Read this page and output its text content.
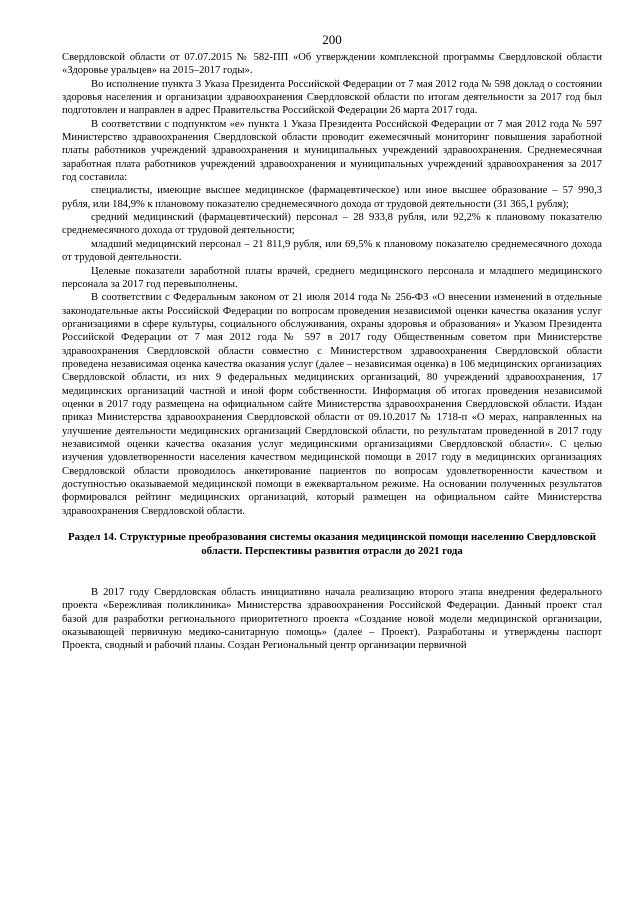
200

Свердловской области от 07.07.2015 № 582-ПП «Об утверждении комплексной программы Свердловской области «Здоровье уральцев» на 2015–2017 годы».

Во исполнение пункта 3 Указа Президента Российской Федерации от 7 мая 2012 года № 598 доклад о состоянии здоровья населения и организации здравоохранения Свердловской области по итогам деятельности за 2017 год был подготовлен и направлен в адрес Правительства Российской Федерации 26 марта 2017 года.

В соответствии с подпунктом «е» пункта 1 Указа Президента Российской Федерации от 7 мая 2012 года № 597 Министерство здравоохранения Свердловской области проводит ежемесячный мониторинг повышения заработной платы работников учреждений здравоохранения и муниципальных учреждений здравоохранения. Среднемесячная заработная плата работников учреждений здравоохранения и муниципальных учреждений здравоохранения за 2017 год составила:

специалисты, имеющие высшее медицинское (фармацевтическое) или иное высшее образование – 57 990,3 рубля, или 184,9% к плановому показателю среднемесячного дохода от трудовой деятельности (31 365,1 рубля);

средний медицинский (фармацевтический) персонал – 28 933,8 рубля, или 92,2% к плановому показателю среднемесячного дохода от трудовой деятельности;

младший медицинский персонал – 21 811,9 рубля, или 69,5% к плановому показателю среднемесячного дохода от трудовой деятельности.

Целевые показатели заработной платы врачей, среднего медицинского персонала и младшего медицинского персонала за 2017 год перевыполнены.

В соответствии с Федеральным законом от 21 июля 2014 года № 256-ФЗ «О внесении изменений в отдельные законодательные акты Российской Федерации по вопросам проведения независимой оценки качества оказания услуг организациями в сфере культуры, социального обслуживания, охраны здоровья и образования» и Указом Президента Российской Федерации от 7 мая 2012 года № 597 в 2017 году Общественным советом при Министерстве здравоохранения Свердловской области совместно с Министерством здравоохранения Свердловской области проведена независимая оценка качества оказания услуг (далее – независимая оценка) в 106 медицинских организациях Свердловской области, из них 9 федеральных медицинских организаций, 80 учреждений здравоохранения, 17 медицинских организаций частной и иной форм собственности. Информация об итогах проведения независимой оценки в 2017 году размещена на официальном сайте Министерства здравоохранения Свердловской области. Издан приказ Министерства здравоохранения Свердловской области от 09.10.2017 № 1718-п «О мерах, направленных на улучшение деятельности медицинских организаций Свердловской области, по результатам проведенной в 2017 году независимой оценки качества оказания услуг медицинскими организациями Свердловской области». С целью изучения удовлетворенности населения качеством медицинской помощи в 2017 году в медицинских организациях Свердловской области проводилось анкетирование пациентов по вопросам удовлетворенности качеством и доступностью оказываемой медицинской помощи в ежеквартальном режиме. На основании полученных результатов формировался рейтинг медицинских организаций, который размещен на официальном сайте Министерства здравоохранения Свердловской области.

Раздел 14. Структурные преобразования системы оказания медицинской помощи населению Свердловской области. Перспективы развития отрасли до 2021 года

В 2017 году Свердловская область инициативно начала реализацию второго этапа внедрения федерального проекта «Бережливая поликлиника» Министерства здравоохранения Российской Федерации. Данный проект стал базой для разработки регионального приоритетного проекта «Создание новой модели медицинской организации, оказывающей первичную медико-санитарную помощь» (далее – Проект). Разработаны и утверждены паспорт Проекта, сводный и рабочий планы. Создан Региональный центр организации первичной
